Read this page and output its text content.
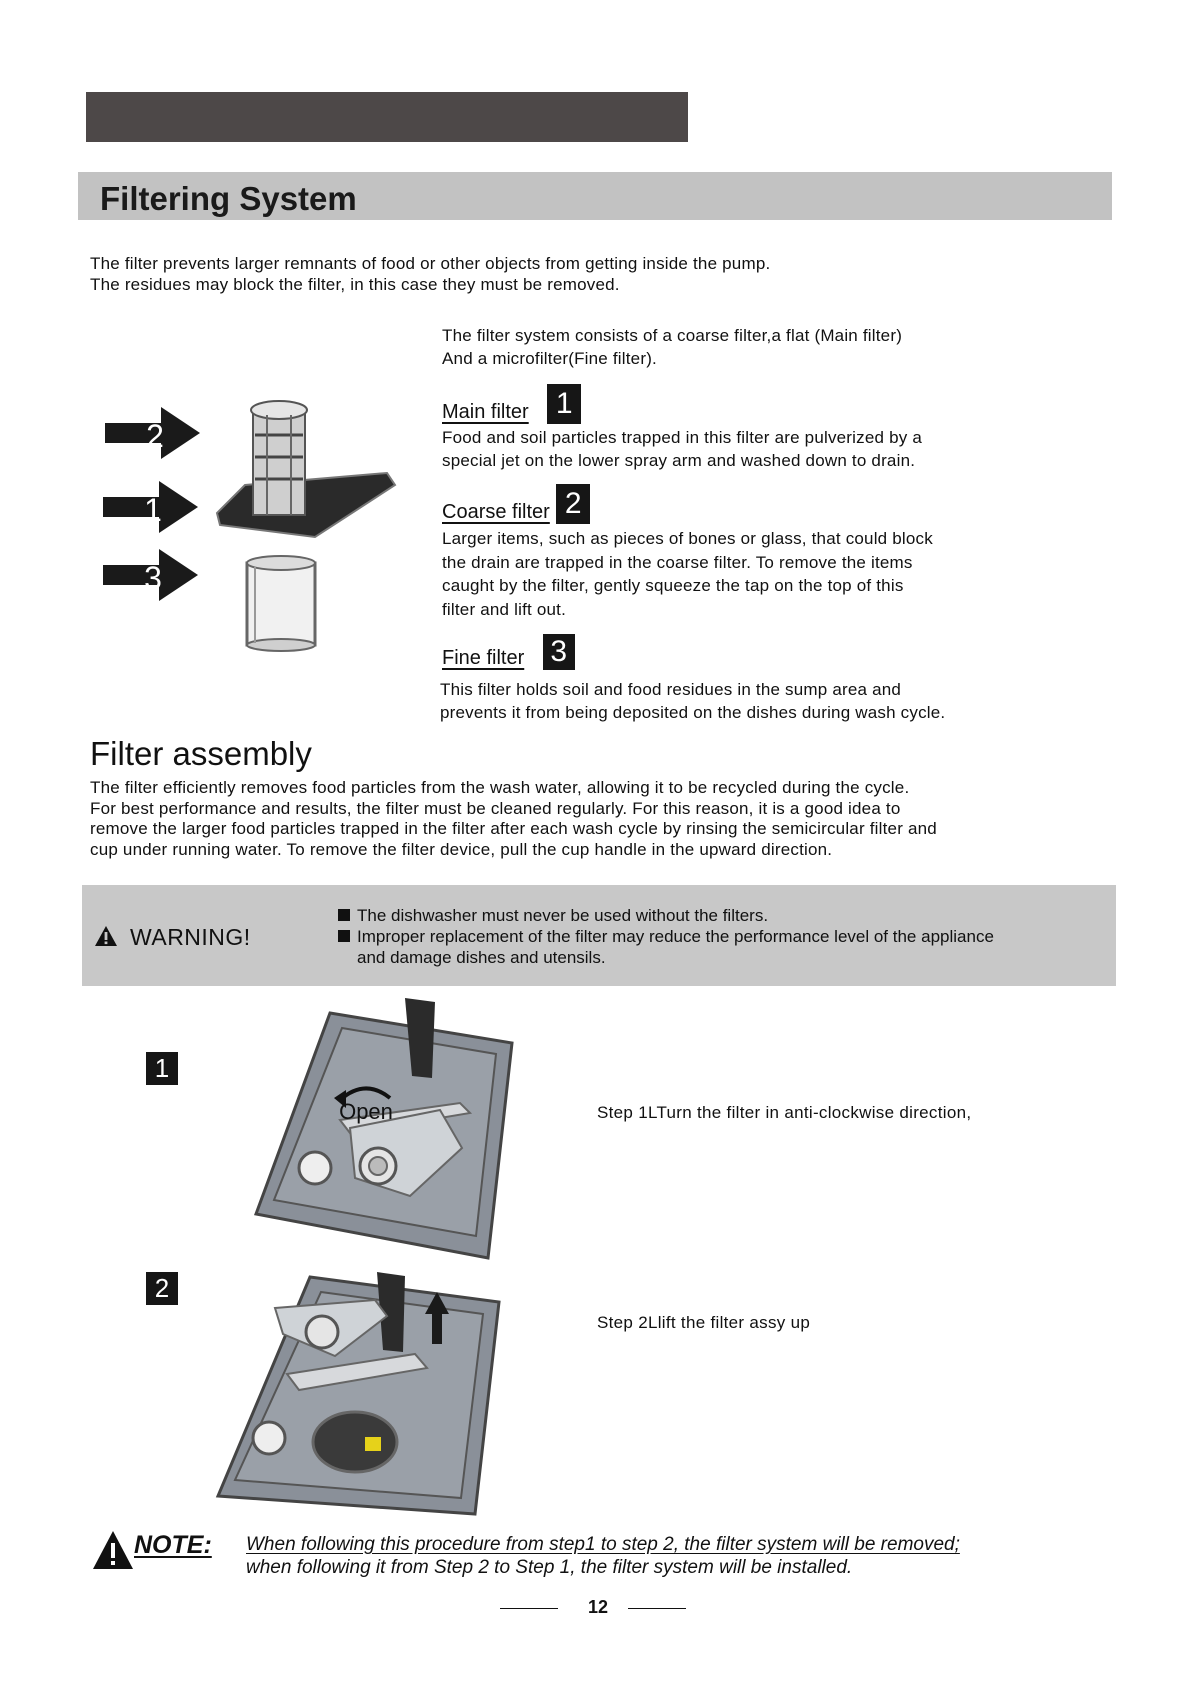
Filtering System
The filter prevents larger remnants of food or other objects from getting inside the pump.
The residues may block the filter, in this case they must be removed.
The filter system consists of a coarse filter,a flat (Main filter)
And a microfilter(Fine filter).
2
1
3
Main filter 1
Food and soil particles trapped in this filter are pulverized by a
special jet on the lower spray arm and washed down to drain.
Coarse filter 2
Larger items, such as pieces of bones or glass, that could block
the drain are trapped in the coarse filter. To remove the items
caught by the filter, gently squeeze the tap on the top of this
filter and lift out.
Fine filter 3
This filter holds soil and food residues in the sump area and
prevents it from being deposited on the dishes during wash cycle.
Filter assembly
The filter efficiently removes food particles from the wash water, allowing it to be recycled during the cycle.
For best performance and results, the filter must be cleaned regularly. For this reason, it is a good idea to
remove the larger food particles trapped in the filter after each wash cycle by rinsing the semicircular filter and
cup under running water. To remove the filter device, pull the cup handle in the upward direction.
WARNING!
The dishwasher must never be used without the filters.
Improper replacement of the filter may reduce the performance level of the appliance
and damage dishes and utensils.
1
Open	Step 1LTurn the filter in anti-clockwise direction,
2
Step 2Llift the filter assy up
NOTE: When following this procedure from step1 to step 2, the filter system will be removed;
when following it from Step 2 to Step 1, the filter system will be installed.
12
